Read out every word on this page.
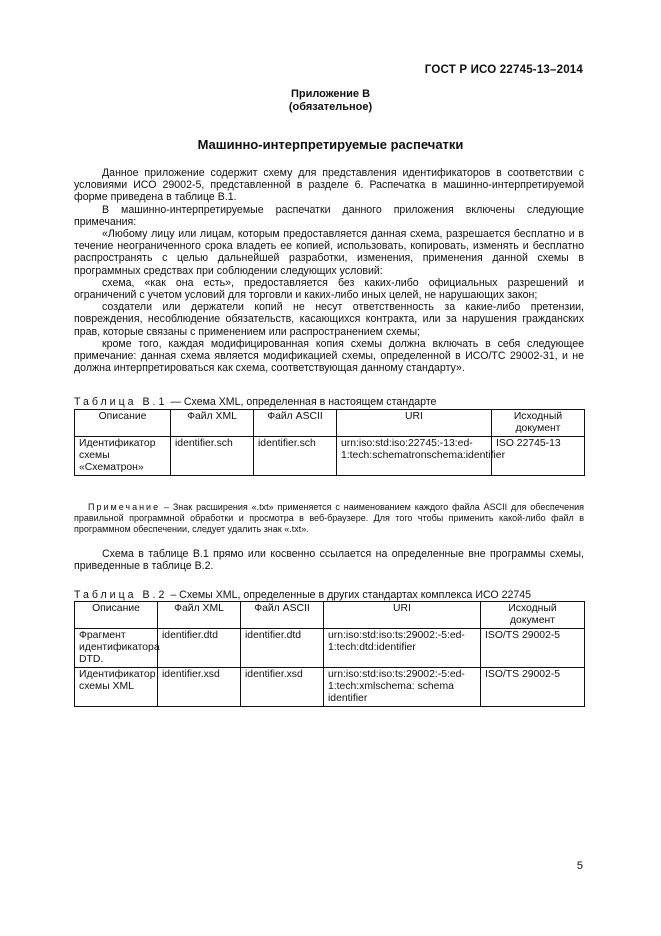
ГОСТ Р ИСО 22745-13–2014
Приложение В
(обязательное)
Машинно-интерпретируемые распечатки

Данное приложение содержит схему для представления идентификаторов в соответствии с условиями ИСО 29002-5, представленной в разделе 6. Распечатка в машинно-интерпретируемой форме приведена в таблице В.1.

В машинно-интерпретируемые распечатки данного приложения включены следующие примечания:

«Любому лицу или лицам, которым предоставляется данная схема, разрешается бесплатно и в течение неограниченного срока владеть ее копией, использовать, копировать, изменять и бесплатно распространять с целью дальнейшей разработки, изменения, применения данной схемы в программных средствах при соблюдении следующих условий:

схема, «как она есть», предоставляется без каких-либо официальных разрешений и ограничений с учетом условий для торговли и каких-либо иных целей, не нарушающих закон;

создатели или держатели копий не несут ответственность за какие-либо претензии, повреждения, несоблюдение обязательств, касающихся контракта, или за нарушения гражданских прав, которые связаны с применением или распространением схемы;

кроме того, каждая модифицированная копия схемы должна включать в себя следующее примечание: данная схема является модификацией схемы, определенной в ИСО/ТС 29002-31, и не должна интерпретироваться как схема, соответствующая данному стандарту».

Таблица В.1 — Схема XML, определенная в настоящем стандарте
Описание	Файл XML	Файл ASCII	URI	Исходный документ
Идентификатор схемы «Схематрон»	identifier.sch	identifier.sch	urn:iso:std:iso:22745:-13:ed-1:tech:schematronschema:identifier	ISO 22745-13
Примечание – Знак расширения «.txt» применяется с наименованием каждого файла ASCII для обеспечения правильной программной обработки и просмотра в веб-браузере. Для того чтобы применить какой-либо файл в программном обеспечении, следует удалить знак «.txt».

Схема в таблице В.1 прямо или косвенно ссылается на определенные вне программы схемы, приведенные в таблице В.2.

Таблица В.2 – Схемы XML, определенные в других стандартах комплекса ИСО 22745
Описание	Файл XML	Файл ASCII	URI	Исходный документ
Фрагмент идентификатора DTD.	identifier.dtd	identifier.dtd	urn:iso:std:iso:ts:29002:-5:ed-1:tech:dtd:identifier	ISO/TS 29002-5
Идентификатор схемы XML	identifier.xsd	identifier.xsd	urn:iso:std:iso:ts:29002:-5:ed-1:tech:xmlschema: schema identifier	ISO/TS 29002-5
5
